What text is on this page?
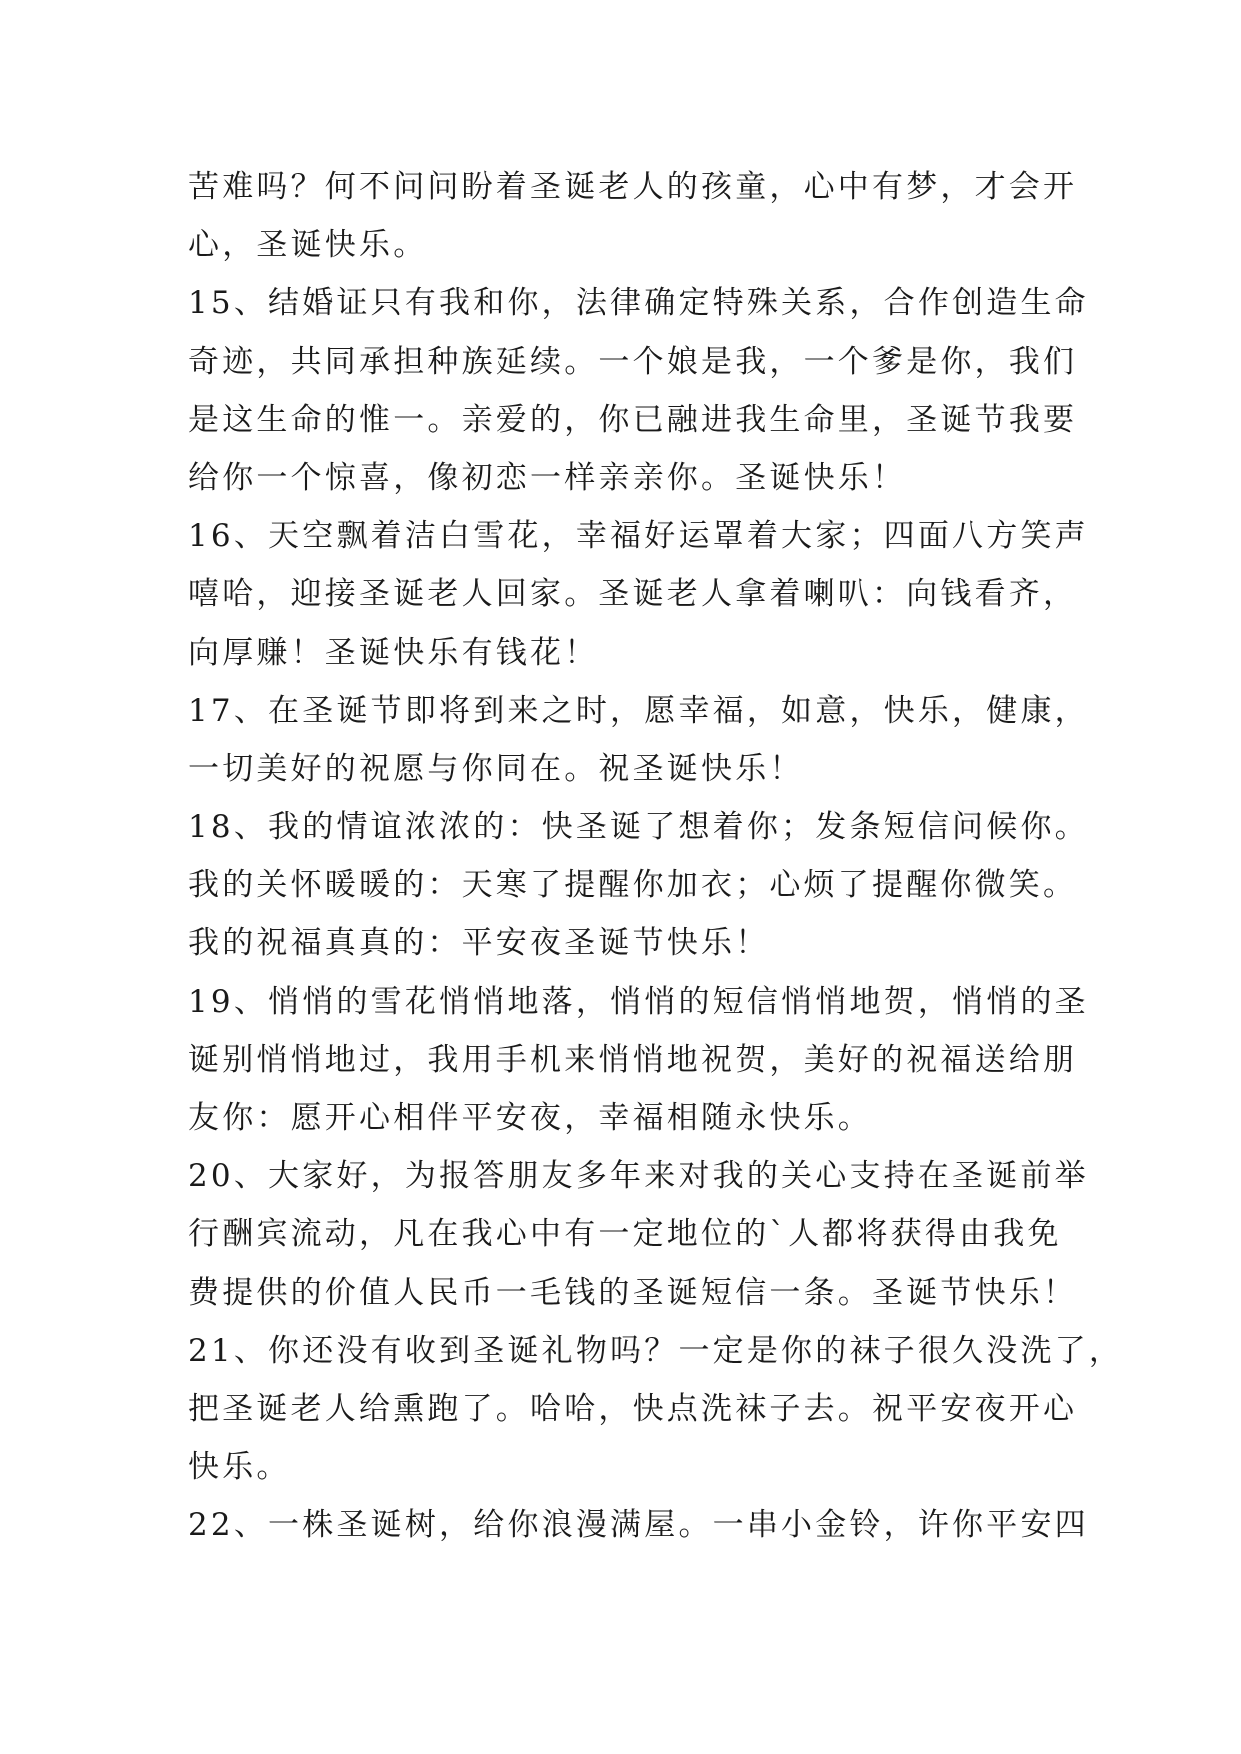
苦难吗？何不问问盼着圣诞老人的孩童，心中有梦，才会开
心，圣诞快乐。
15、结婚证只有我和你，法律确定特殊关系，合作创造生命
奇迹，共同承担种族延续。一个娘是我，一个爹是你，我们
是这生命的惟一。亲爱的，你已融进我生命里，圣诞节我要
给你一个惊喜，像初恋一样亲亲你。圣诞快乐！
16、天空飘着洁白雪花，幸福好运罩着大家；四面八方笑声
嘻哈，迎接圣诞老人回家。圣诞老人拿着喇叭：向钱看齐，
向厚赚！圣诞快乐有钱花！
17、在圣诞节即将到来之时，愿幸福，如意，快乐，健康，
一切美好的祝愿与你同在。祝圣诞快乐！
18、我的情谊浓浓的：快圣诞了想着你；发条短信问候你。
我的关怀暖暖的：天寒了提醒你加衣；心烦了提醒你微笑。
我的祝福真真的：平安夜圣诞节快乐！
19、悄悄的雪花悄悄地落，悄悄的短信悄悄地贺，悄悄的圣
诞别悄悄地过，我用手机来悄悄地祝贺，美好的祝福送给朋
友你：愿开心相伴平安夜，幸福相随永快乐。
20、大家好，为报答朋友多年来对我的关心支持在圣诞前举
行酬宾流动，凡在我心中有一定地位的`人都将获得由我免
费提供的价值人民币一毛钱的圣诞短信一条。圣诞节快乐！
21、你还没有收到圣诞礼物吗？一定是你的袜子很久没洗了，
把圣诞老人给熏跑了。哈哈，快点洗袜子去。祝平安夜开心
快乐。
22、一株圣诞树，给你浪漫满屋。一串小金铃，许你平安四
